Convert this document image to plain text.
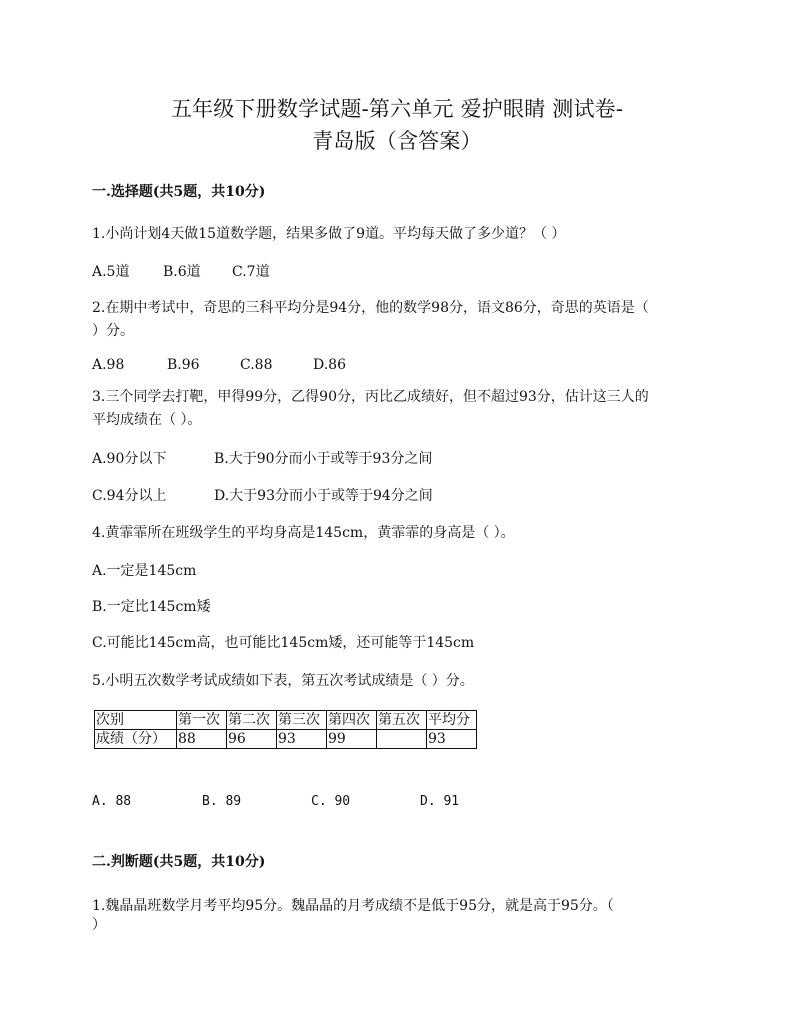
五年级下册数学试题-第六单元 爱护眼睛 测试卷-
青岛版（含答案）
一.选择题(共5题，共10分)
1.小尚计划4天做15道数学题，结果多做了9道。平均每天做了多少道？（ ）
A.5道 B.6道 C.7道
2.在期中考试中，奇思的三科平均分是94分，他的数学98分，语文86分，奇思的英语是（
）分。
A.98	B.96	C.88	D.86
3.三个同学去打靶，甲得99分，乙得90分，丙比乙成绩好，但不超过93分，估计这三人的
平均成绩在（ ）。
A.90分以下	B.大于90分而小于或等于93分之间
C.94分以上	D.大于93分而小于或等于94分之间
4.黄霏霏所在班级学生的平均身高是145cm，黄霏霏的身高是（ ）。
A.一定是145cm
B.一定比145cm矮
C.可能比145cm高，也可能比145cm矮，还可能等于145cm
5.小明五次数学考试成绩如下表，第五次考试成绩是（ ）分。
次别	第一次	第二次	第三次	第四次	第五次	平均分
成绩（分）	88	96	93	99		93
A. 88	B. 89	C. 90	D. 91
二.判断题(共5题，共10分)
1.魏晶晶班数学月考平均95分。魏晶晶的月考成绩不是低于95分，就是高于95分。（
）
